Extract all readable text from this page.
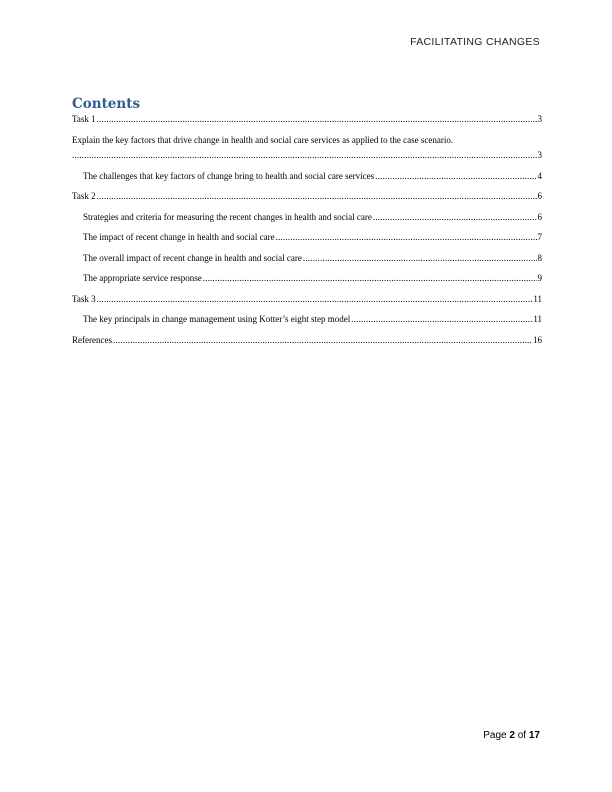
FACILITATING CHANGES
Contents
Task 1 .....	3
Explain the key factors that drive change in health and social care services as applied to the case scenario.
.....
3
The challenges that key factors of change bring to health and social care services .....	4
Task 2 .....	6
Strategies and criteria for measuring the recent changes in health and social care .....	6
The impact of recent change in health and social care .....	7
The overall impact of recent change in health and social care .....	8
The appropriate service response .....	9
Task 3 .....	11
The key principals in change management using Kotter’s eight step model .....	11
References .....	16
Page 2 of 17
